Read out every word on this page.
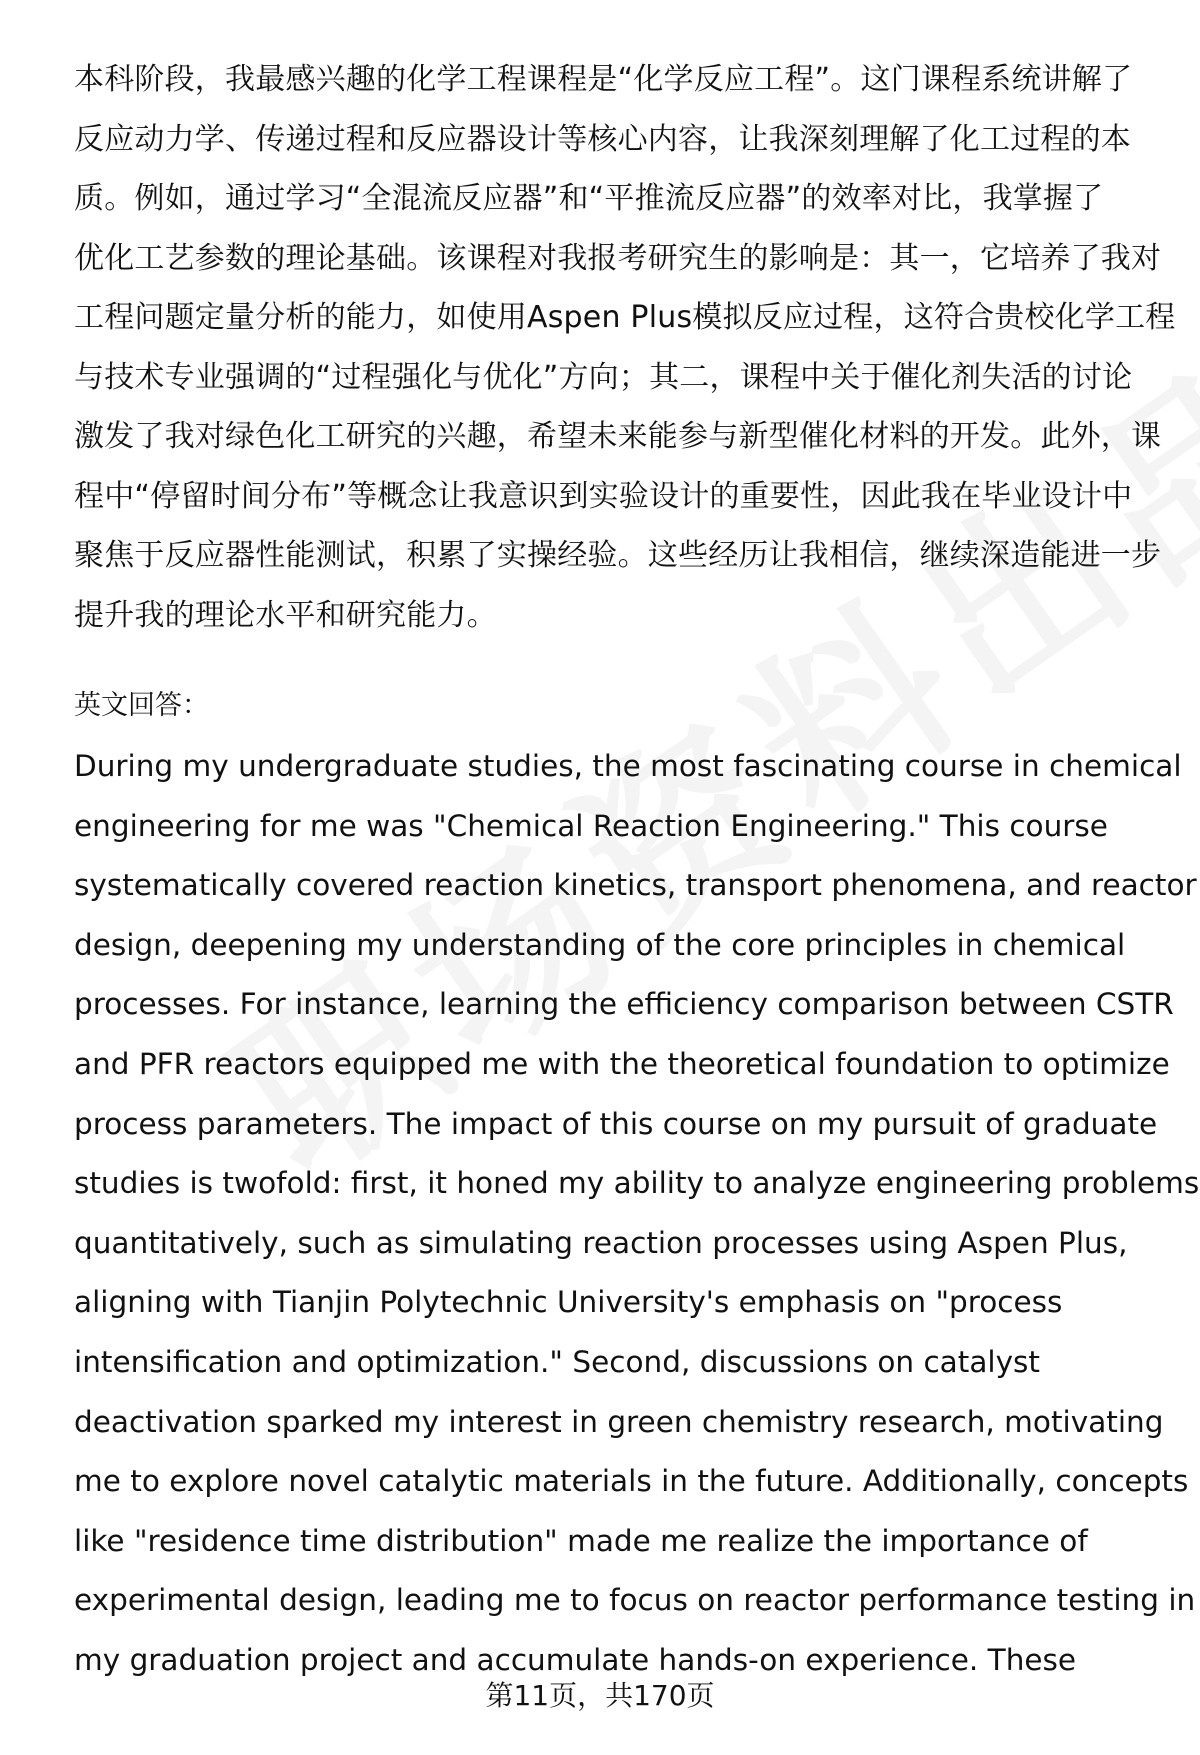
本科阶段，我最感兴趣的化学工程课程是“化学反应工程”。这门课程系统讲解了
反应动力学、传递过程和反应器设计等核心内容，让我深刻理解了化工过程的本
质。例如，通过学习“全混流反应器”和“平推流反应器”的效率对比，我掌握了
优化工艺参数的理论基础。该课程对我报考研究生的影响是：其一，它培养了我对
工程问题定量分析的能力，如使用Aspen Plus模拟反应过程，这符合贵校化学工程
与技术专业强调的“过程强化与优化”方向；其二，课程中关于催化剂失活的讨论
激发了我对绿色化工研究的兴趣，希望未来能参与新型催化材料的开发。此外，课
程中“停留时间分布”等概念让我意识到实验设计的重要性，因此我在毕业设计中
聚焦于反应器性能测试，积累了实操经验。这些经历让我相信，继续深造能进一步
提升我的理论水平和研究能力。
英文回答：
During my undergraduate studies, the most fascinating course in chemical
engineering for me was "Chemical Reaction Engineering." This course
systematically covered reaction kinetics, transport phenomena, and reactor
design, deepening my understanding of the core principles in chemical
processes. For instance, learning the efficiency comparison between CSTR
and PFR reactors equipped me with the theoretical foundation to optimize
process parameters. The impact of this course on my pursuit of graduate
studies is twofold: first, it honed my ability to analyze engineering problems
quantitatively, such as simulating reaction processes using Aspen Plus,
aligning with Tianjin Polytechnic University's emphasis on "process
intensification and optimization." Second, discussions on catalyst
deactivation sparked my interest in green chemistry research, motivating
me to explore novel catalytic materials in the future. Additionally, concepts
like "residence time distribution" made me realize the importance of
experimental design, leading me to focus on reactor performance testing in
my graduation project and accumulate hands-on experience. These
第11页，共170页
